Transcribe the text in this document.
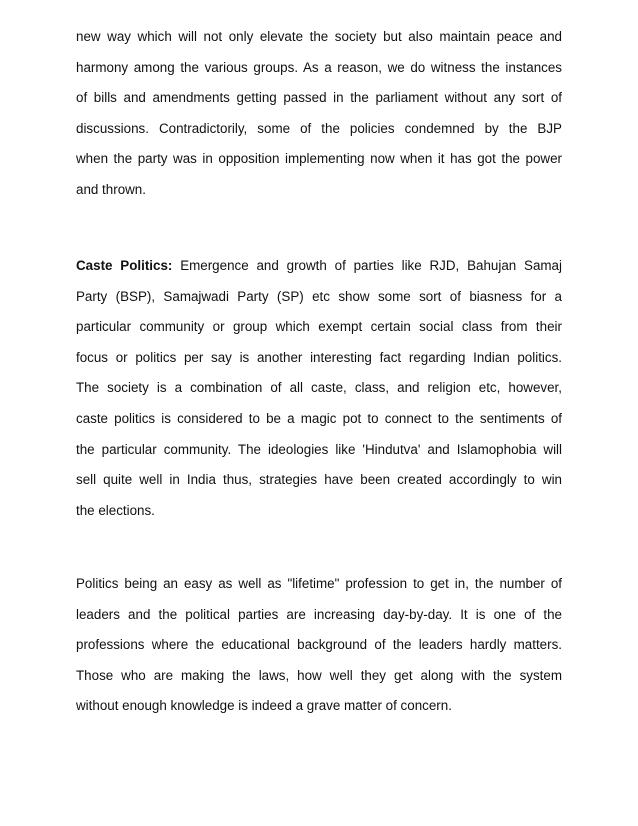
new way which will not only elevate the society but also maintain peace and
harmony among the various groups. As a reason, we do witness the instances
of bills and amendments getting passed in the parliament without any sort of
discussions. Contradictorily, some of the policies condemned by the BJP
when the party was in opposition implementing now when it has got the power
and thrown.
Caste Politics: Emergence and growth of parties like RJD, Bahujan Samaj
Party (BSP), Samajwadi Party (SP) etc show some sort of biasness for a
particular community or group which exempt certain social class from their
focus or politics per say is another interesting fact regarding Indian politics.
The society is a combination of all caste, class, and religion etc, however,
caste politics is considered to be a magic pot to connect to the sentiments of
the particular community. The ideologies like 'Hindutva' and Islamophobia will
sell quite well in India thus, strategies have been created accordingly to win
the elections.
Politics being an easy as well as "lifetime" profession to get in, the number of
leaders and the political parties are increasing day-by-day. It is one of the
professions where the educational background of the leaders hardly matters.
Those who are making the laws, how well they get along with the system
without enough knowledge is indeed a grave matter of concern.
